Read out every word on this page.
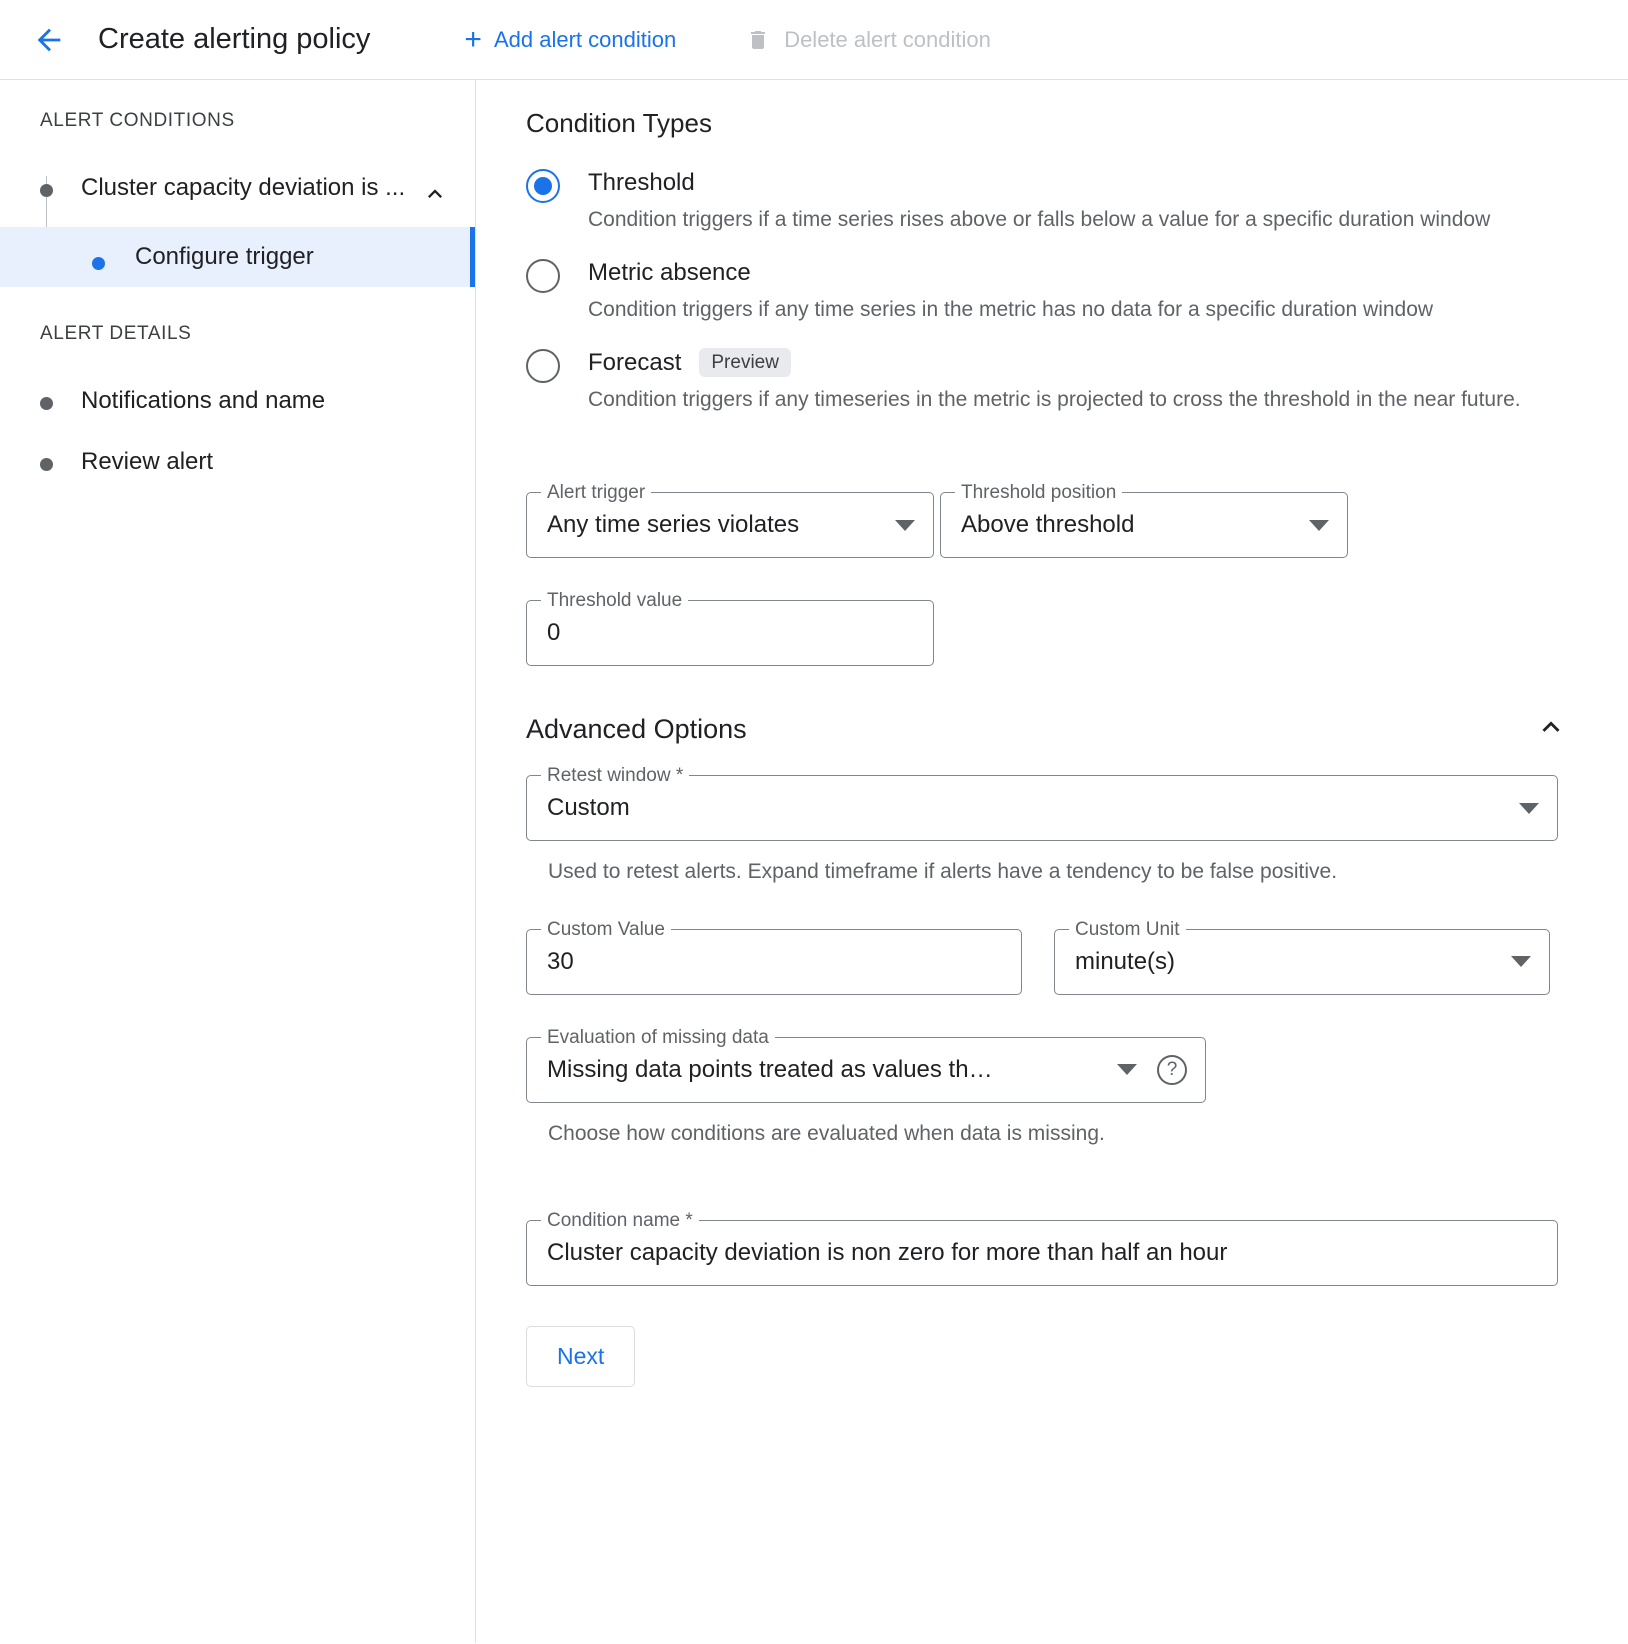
Create alerting policy	+ Add alert condition	Delete alert condition
ALERT CONDITIONS
Cluster capacity deviation is ...
Configure trigger
ALERT DETAILS
Notifications and name
Review alert
Condition Types
Threshold
Condition triggers if a time series rises above or falls below a value for a specific duration window
Metric absence
Condition triggers if any time series in the metric has no data for a specific duration window
Forecast	Preview
Condition triggers if any timeseries in the metric is projected to cross the threshold in the near future.
Alert trigger
Any time series violates
Threshold position
Above threshold
Threshold value
0
Advanced Options
Retest window *
Custom
Used to retest alerts. Expand timeframe if alerts have a tendency to be false positive.
Custom Value
30
Custom Unit
minute(s)
Evaluation of missing data
Missing data points treated as values th…	?
Choose how conditions are evaluated when data is missing.
Condition name *
Cluster capacity deviation is non zero for more than half an hour
Next
